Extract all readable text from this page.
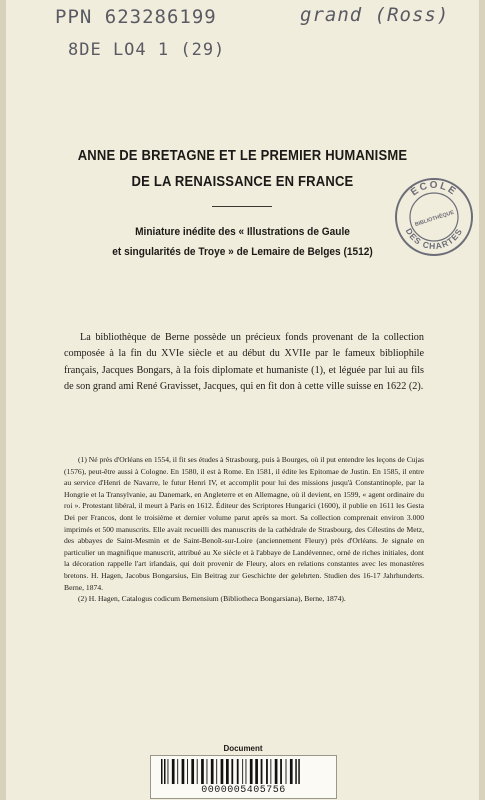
PPN 623286199	grand (Ross)
8DE LO4 1 (29)
ANNE DE BRETAGNE ET LE PREMIER HUMANISME
DE LA RENAISSANCE EN FRANCE
Miniature inédite des « Illustrations de Gaule
et singularités de Troye » de Lemaire de Belges (1512)
ÉCOLE
BIBLIOTHÈQUE
DES CHARTES

La bibliothèque de Berne possède un précieux fonds provenant de la collection composée à la fin du XVIe siècle et au début du XVIIe par le fameux bibliophile français, Jacques Bongars, à la fois diplomate et humaniste (1), et léguée par lui au fils de son grand ami René Gravisset, Jacques, qui en fit don à cette ville suisse en 1622 (2).

(1) Né près d'Orléans en 1554, il fit ses études à Strasbourg, puis à Bourges, où il put entendre les leçons de Cujas (1576), peut-être aussi à Cologne. En 1580, il est à Rome. En 1581, il édite les Epitomae de Justin. En 1585, il entre au service d'Henri de Navarre, le futur Henri IV, et accomplit pour lui des missions jusqu'à Constantinople, par la Hongrie et la Transylvanie, au Danemark, en Angleterre et en Allemagne, où il devient, en 1599, « agent ordinaire du roi ». Protestant libéral, il meurt à Paris en 1612. Éditeur des Scriptores Hungarici (1600), il publie en 1611 les Gesta Dei per Francos, dont le troisième et dernier volume parut après sa mort. Sa collection comprenait environ 3.000 imprimés et 500 manuscrits. Elle avait recueilli des manuscrits de la cathédrale de Strasbourg, des Célestins de Metz, des abbayes de Saint-Mesmin et de Saint-Benoît-sur-Loire (anciennement Fleury) près d'Orléans. Je signale en particulier un magnifique manuscrit, attribué au Xe siècle et à l'abbaye de Landévennec, orné de riches initiales, dont la décoration rappelle l'art irlandais, qui doit provenir de Fleury, alors en relations constantes avec les monastères bretons. H. Hagen, Jacobus Bongarsius, Ein Beitrag zur Geschichte der gelehrten. Studien des 16-17 Jahrhunderts. Berne, 1874.

(2) H. Hagen, Catalogus codicum Bernensium (Bibliotheca Bongarsiana), Berne, 1874).

Document
0000005405756
